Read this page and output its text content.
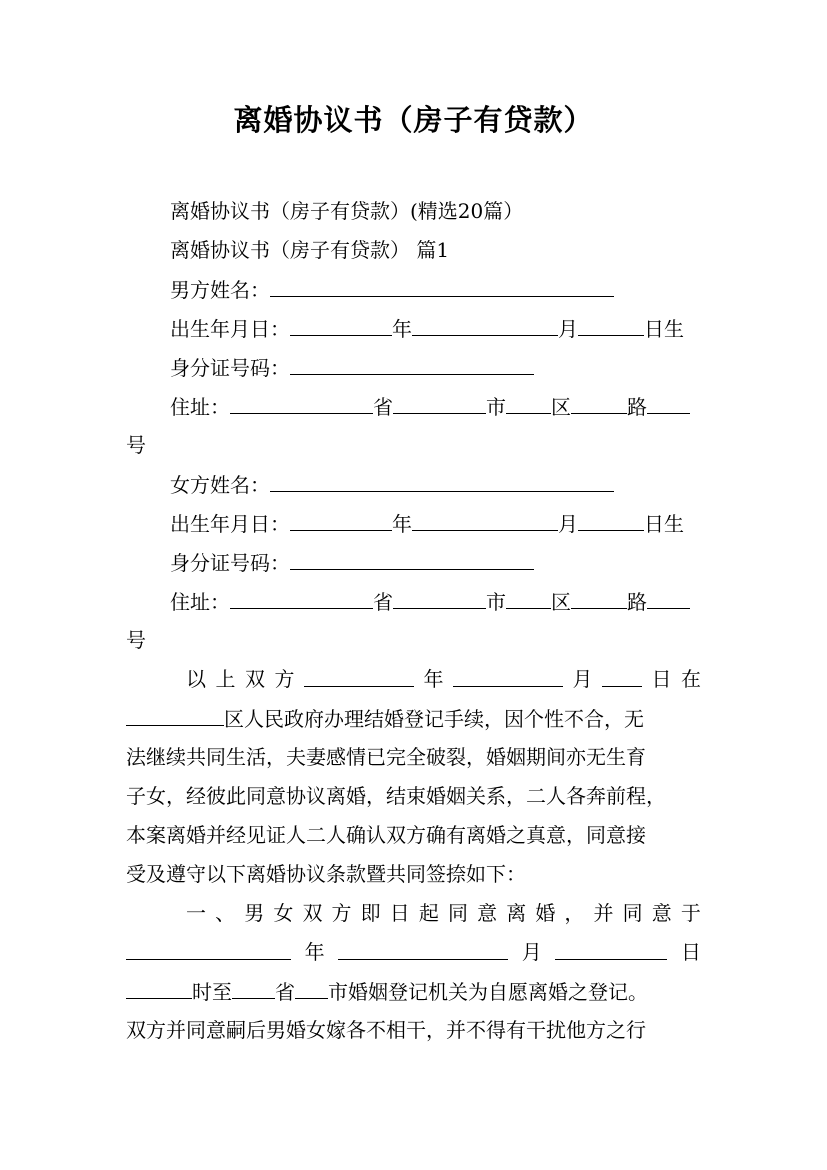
离婚协议书（房子有贷款）
离婚协议书（房子有贷款）(精选20篇）
离婚协议书（房子有贷款） 篇1
男方姓名：
出生年月日：	年	月	日生
身分证号码：
住址：	省	市 区	路
号
女方姓名：
出生年月日：	年	月	日生
身分证号码：
住址：	省	市 区	路
号
以 上 双 方	年	月	日 在
区人民政府办理结婚登记手续，因个性不合，无
法继续共同生活，夫妻感情已完全破裂，婚姻期间亦无生育
子女，经彼此同意协议离婚，结束婚姻关系，二人各奔前程，
本案离婚并经见证人二人确认双方确有离婚之真意，同意接
受及遵守以下离婚协议条款暨共同签捺如下：
一 、 男 女 双 方 即 日 起 同 意 离 婚 ， 并 同 意 于
年	月	日
时至 省 市婚姻登记机关为自愿离婚之登记。
双方并同意嗣后男婚女嫁各不相干，并不得有干扰他方之行
